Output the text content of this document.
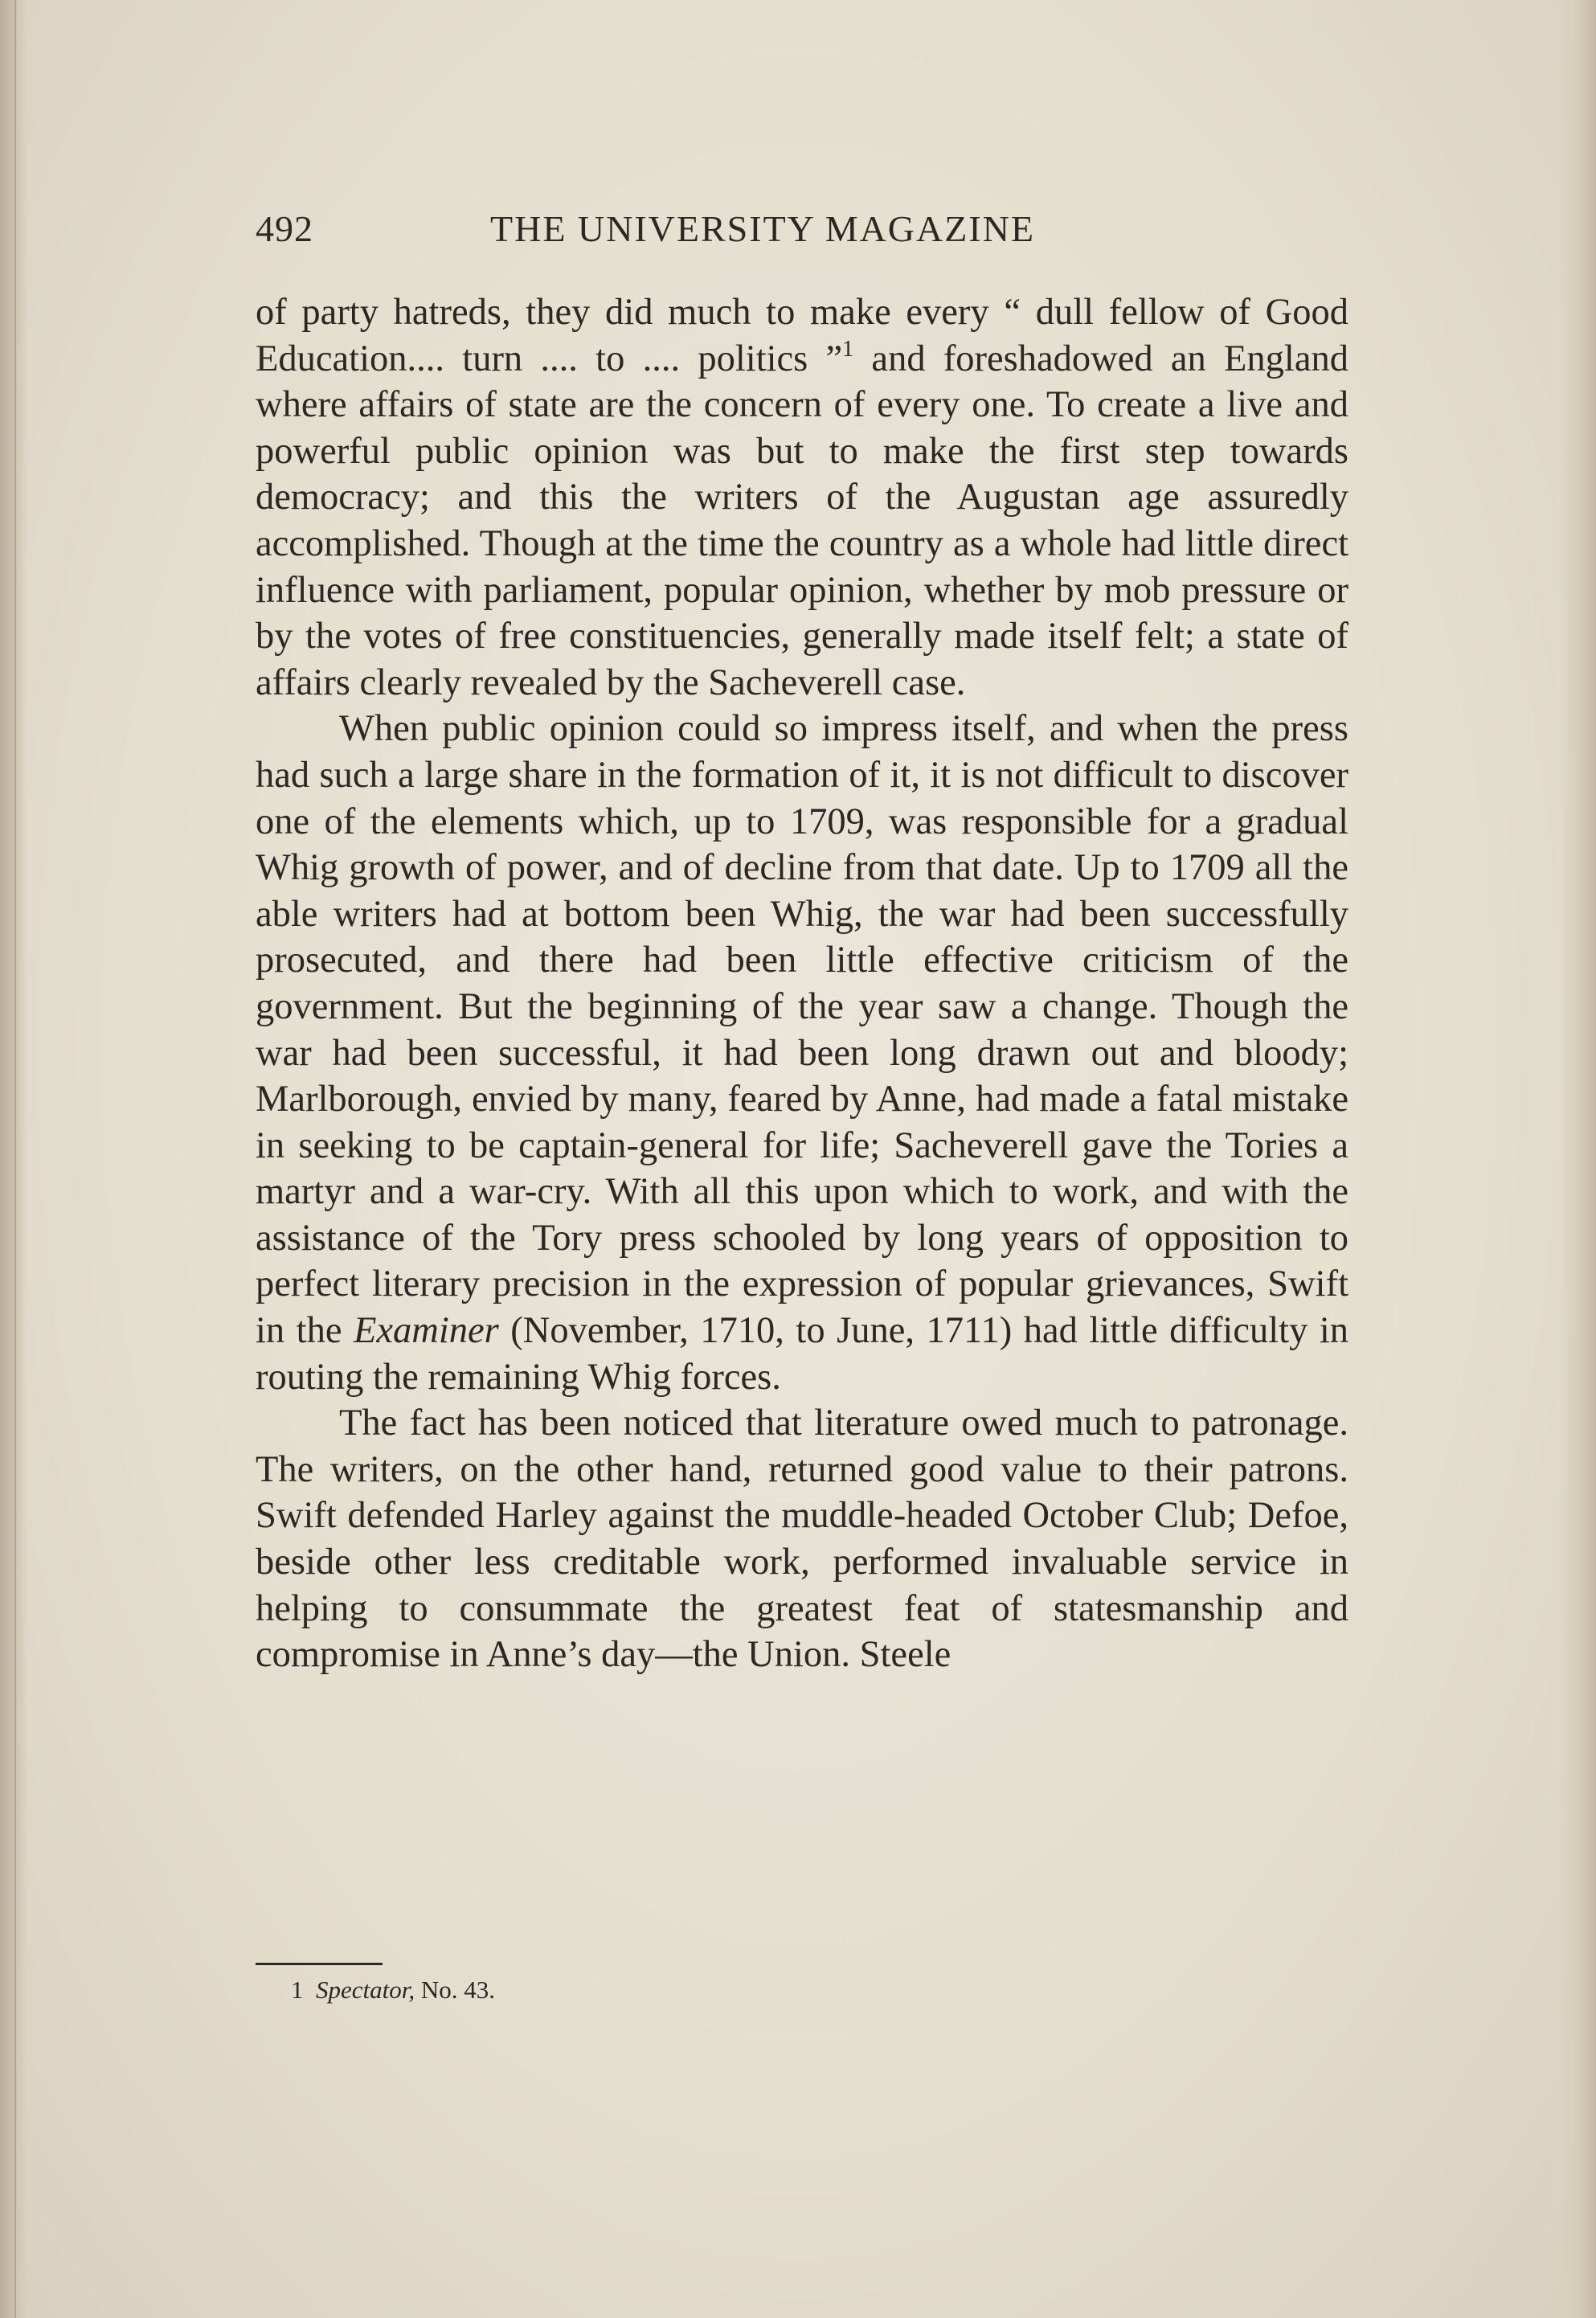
492	THE UNIVERSITY MAGAZINE

of party hatreds, they did much to make every “ dull fellow of Good Education.... turn .... to .... politics ”$^1$ and foreshadowed an England where affairs of state are the concern of every one. To create a live and powerful public opinion was but to make the first step towards democracy; and this the writers of the Augustan age assuredly accomplished. Though at the time the country as a whole had little direct influence with parliament, popular opinion, whether by mob pressure or by the votes of free constituencies, generally made itself felt; a state of affairs clearly revealed by the Sacheverell case.

When public opinion could so impress itself, and when the press had such a large share in the formation of it, it is not difficult to discover one of the elements which, up to 1709, was responsible for a gradual Whig growth of power, and of decline from that date. Up to 1709 all the able writers had at bottom been Whig, the war had been successfully prosecuted, and there had been little effective criticism of the government. But the beginning of the year saw a change. Though the war had been successful, it had been long drawn out and bloody; Marlborough, envied by many, feared by Anne, had made a fatal mistake in seeking to be captain-general for life; Sacheverell gave the Tories a martyr and a war-cry. With all this upon which to work, and with the assistance of the Tory press schooled by long years of opposition to perfect literary precision in the expression of popular grievances, Swift in the Examiner (November, 1710, to June, 1711) had little difficulty in routing the remaining Whig forces.

The fact has been noticed that literature owed much to patronage. The writers, on the other hand, returned good value to their patrons. Swift defended Harley against the muddle-headed October Club; Defoe, beside other less creditable work, performed invaluable service in helping to consummate the greatest feat of statesmanship and compromise in Anne’s day—the Union. Steele

1 Spectator, No. 43.
